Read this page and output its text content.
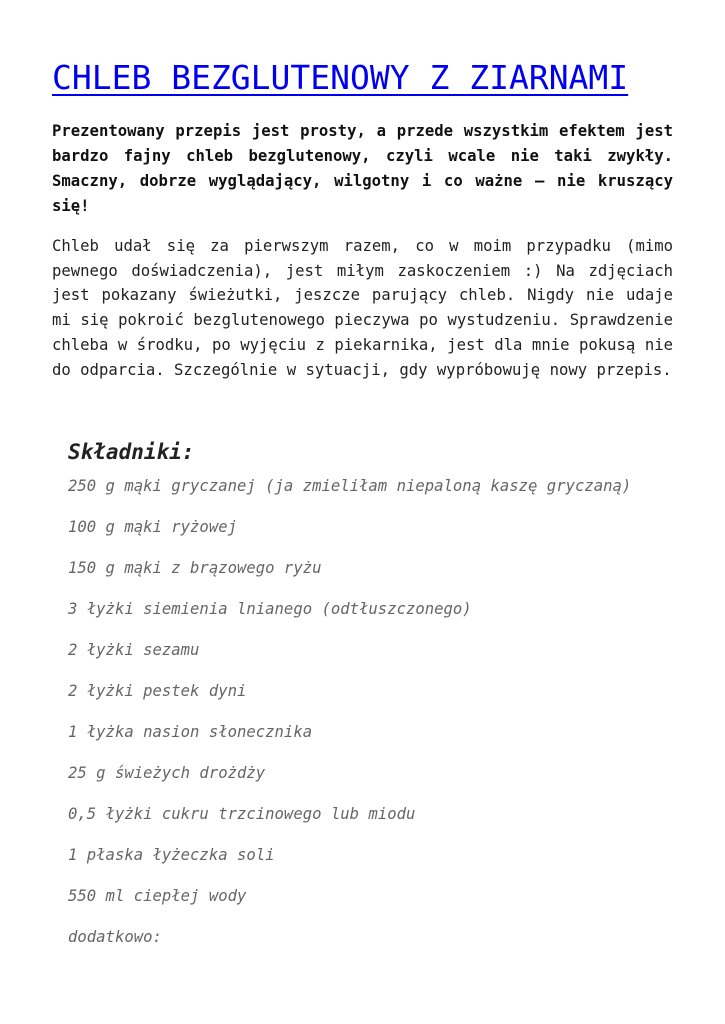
CHLEB BEZGLUTENOWY Z ZIARNAMI

Prezentowany przepis jest prosty, a przede wszystkim efektem jest bardzo fajny chleb bezglutenowy, czyli wcale nie taki zwykły. Smaczny, dobrze wyglądający, wilgotny i co ważne – nie kruszący się!

Chleb udał się za pierwszym razem, co w moim przypadku (mimo pewnego doświadczenia), jest miłym zaskoczeniem :) Na zdjęciach jest pokazany świeżutki, jeszcze parujący chleb. Nigdy nie udaje mi się pokroić bezglutenowego pieczywa po wystudzeniu. Sprawdzenie chleba w środku, po wyjęciu z piekarnika, jest dla mnie pokusą nie do odparcia. Szczególnie w sytuacji, gdy wypróbowuję nowy przepis.

Składniki:
250 g mąki gryczanej (ja zmieliłam niepaloną kaszę gryczaną)
100 g mąki ryżowej
150 g mąki z brązowego ryżu
3 łyżki siemienia lnianego (odtłuszczonego)
2 łyżki sezamu
2 łyżki pestek dyni
1 łyżka nasion słonecznika
25 g świeżych drożdży
0,5 łyżki cukru trzcinowego lub miodu
1 płaska łyżeczka soli
550 ml ciepłej wody
dodatkowo:
